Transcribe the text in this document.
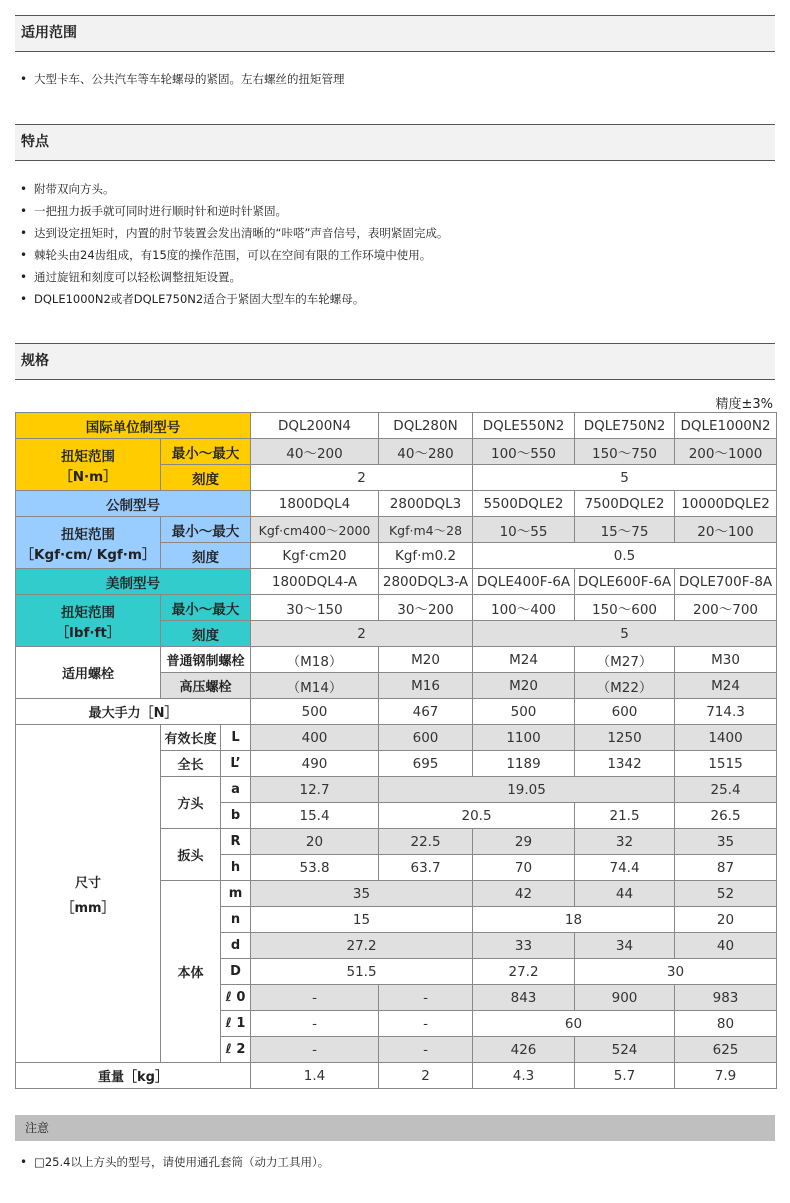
适用范围
• 大型卡车、公共汽车等车轮螺母的紧固。左右螺丝的扭矩管理
特点
• 附带双向方头。
• 一把扭力扳手就可同时进行顺时针和逆时针紧固。
• 达到设定扭矩时，内置的肘节装置会发出清晰的“咔嗒”声音信号，表明紧固完成。
• 棘轮头由24齿组成，有15度的操作范围，可以在空间有限的工作环境中使用。
• 通过旋钮和刻度可以轻松调整扭矩设置。
• DQLE1000N2或者DQLE750N2适合于紧固大型车的车轮螺母。
规格
精度±3%
国际单位制型号			DQL200N4	DQL280N	DQLE550N2	DQLE750N2	DQLE1000N2

扭矩范围
［N·m］	最小～最大		40～200	40～280	100～550	150～750	200～1000
	刻度		2		5		
公制型号			1800DQL4	2800DQL3	5500DQLE2	7500DQLE2	10000DQLE2

扭矩范围
［Kgf·cm/ Kgf·m］	最小～最大		Kgf·cm400～2000	Kgf·m4～28	10～55	15～75	20～100
	刻度		Kgf·cm20	Kgf·m0.2	0.5		
美制型号			1800DQL4-A	2800DQL3-A	DQLE400F-6A	DQLE600F-6A	DQLE700F-8A

扭矩范围
［lbf·ft］	最小～最大		30～150	30～200	100～400	150～600	200～700
	刻度		2		5		
适用螺栓	普通钢制螺栓		（M18）	M20	M24	（M27）	M30
	高压螺栓		（M14）	M16	M20	（M22）	M24
最大手力［N］			500	467	500	600	714.3

尺寸
［mm］	有效长度	L	400	600	1100	1250	1400
	全长	L’	490	695	1189	1342	1515
	方头	a	12.7	19.05			25.4
		b	15.4	20.5		21.5	26.5
	扳头	R	20	22.5	29	32	35
		h	53.8	63.7	70	74.4	87
	本体	m	35		42	44	52
		n	15		18		20
		d	27.2		33	34	40
		D	51.5		27.2	30	
		ℓ 0	-	-	843	900	983
		ℓ 1	-	-	60		80
		ℓ 2	-	-	426	524	625
重量［kg］			1.4	2	4.3	5.7	7.9
注意
• □25.4以上方头的型号，请使用通孔套筒（动力工具用）。
